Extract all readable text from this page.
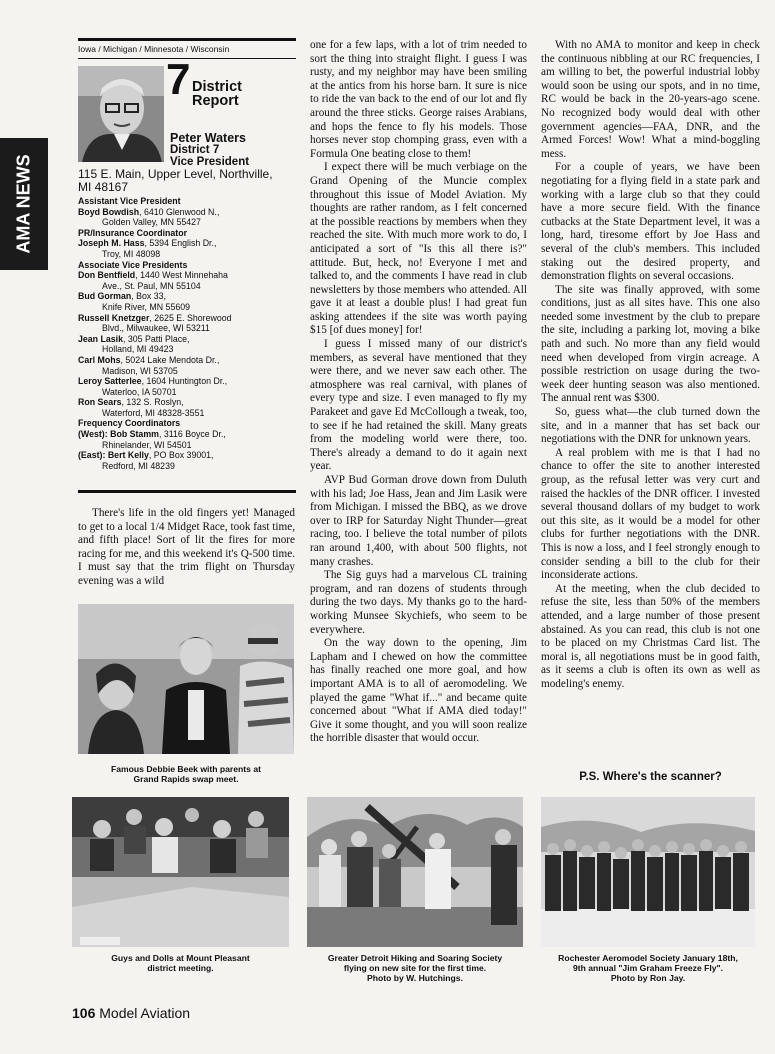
AMA NEWS
Iowa / Michigan / Minnesota / Wisconsin
7 District
Report
Peter Waters
District 7
Vice President
115 E. Main, Upper Level, Northville,
MI 48167
Assistant Vice President
Boyd Bowdish, 6410 Glenwood N.,
Golden Valley, MN 55427
PR/Insurance Coordinator
Joseph M. Hass, 5394 English Dr.,
Troy, MI 48098
Associate Vice Presidents
Don Bentfield, 1440 West Minnehaha
Ave., St. Paul, MN 55104
Bud Gorman, Box 33,
Knife River, MN 55609
Russell Knetzger, 2625 E. Shorewood
Blvd., Milwaukee, WI 53211
Jean Lasik, 305 Patti Place,
Holland, MI 49423
Carl Mohs, 5024 Lake Mendota Dr.,
Madison, WI 53705
Leroy Satterlee, 1604 Huntington Dr.,
Waterloo, IA 50701
Ron Sears, 132 S. Roslyn,
Waterford, MI 48328-3551
Frequency Coordinators
(West): Bob Stamm, 3116 Boyce Dr.,
Rhinelander, WI 54501
(East): Bert Kelly, PO Box 39001,
Redford, MI 48239

There's life in the old fingers yet! Managed to get to a local 1/4 Midget Race, took fast time, and fifth place! Sort of lit the fires for more racing for me, and this weekend it's Q-500 time. I must say that the trim flight on Thursday evening was a wild

Famous Debbie Beek with parents at
Grand Rapids swap meet.

one for a few laps, with a lot of trim needed to sort the thing into straight flight. I guess I was rusty, and my neighbor may have been smiling at the antics from his horse barn. It sure is nice to ride the van back to the end of our lot and fly around the three sticks. George raises Arabians, and hops the fence to fly his models. Those horses never stop chomping grass, even with a Formula One beating close to them!

I expect there will be much verbiage on the Grand Opening of the Muncie complex throughout this issue of Model Aviation. My thoughts are rather random, as I felt concerned at the possible reactions by members when they reached the site. With much more work to do, I anticipated a sort of "Is this all there is?" attitude. But, heck, no! Everyone I met and talked to, and the comments I have read in club newsletters by those members who attended. All gave it at least a double plus! I had great fun asking attendees if the site was worth paying $15 [of dues money] for!

I guess I missed many of our district's members, as several have mentioned that they were there, and we never saw each other. The atmosphere was real carnival, with planes of every type and size. I even managed to fly my Parakeet and gave Ed McCollough a tweak, too, to see if he had retained the skill. Many greats from the modeling world were there, too. There's already a demand to do it again next year.

AVP Bud Gorman drove down from Duluth with his lad; Joe Hass, Jean and Jim Lasik were from Michigan. I missed the BBQ, as we drove over to IRP for Saturday Night Thunder—great racing, too. I believe the total number of pilots ran around 1,400, with about 500 flights, not many crashes.

The Sig guys had a marvelous CL training program, and ran dozens of students through during the two days. My thanks go to the hard-working Munsee Skychiefs, who seem to be everywhere.

On the way down to the opening, Jim Lapham and I chewed on how the committee has finally reached one more goal, and how important AMA is to all of aeromodeling. We played the game "What if..." and became quite concerned about "What if AMA died today!" Give it some thought, and you will soon realize the horrible disaster that would occur.

With no AMA to monitor and keep in check the continuous nibbling at our RC frequencies, I am willing to bet, the powerful industrial lobby would soon be using our spots, and in no time, RC would be back in the 20-years-ago scene. No recognized body would deal with other government agencies—FAA, DNR, and the Armed Forces! Wow! What a mind-boggling mess.

For a couple of years, we have been negotiating for a flying field in a state park and working with a large club so that they could have a more secure field. With the finance cutbacks at the State Department level, it was a long, hard, tiresome effort by Joe Hass and several of the club's members. This included staking out the desired property, and demonstration flights on several occasions.

The site was finally approved, with some conditions, just as all sites have. This one also needed some investment by the club to prepare the site, including a parking lot, moving a bike path and such. No more than any field would need when developed from virgin acreage. A possible restriction on usage during the two-week deer hunting season was also mentioned. The annual rent was $300.

So, guess what—the club turned down the site, and in a manner that has set back our negotiations with the DNR for unknown years.

A real problem with me is that I had no chance to offer the site to another interested group, as the refusal letter was very curt and raised the hackles of the DNR officer. I invested several thousand dollars of my budget to work out this site, as it would be a model for other clubs for further negotiations with the DNR. This is now a loss, and I feel strongly enough to consider sending a bill to the club for their inconsiderate actions.

At the meeting, when the club decided to refuse the site, less than 50% of the members attended, and a large number of those present abstained. As you can read, this club is not one to be placed on my Christmas Card list. The moral is, all negotiations must be in good faith, as it seems a club is often its own as well as modeling's enemy.

P.S. Where's the scanner?
Guys and Dolls at Mount Pleasant
district meeting.
Greater Detroit Hiking and Soaring Society
flying on new site for the first time.
Photo by W. Hutchings.
Rochester Aeromodel Society January 18th,
9th annual "Jim Graham Freeze Fly".
Photo by Ron Jay.
106 Model Aviation
